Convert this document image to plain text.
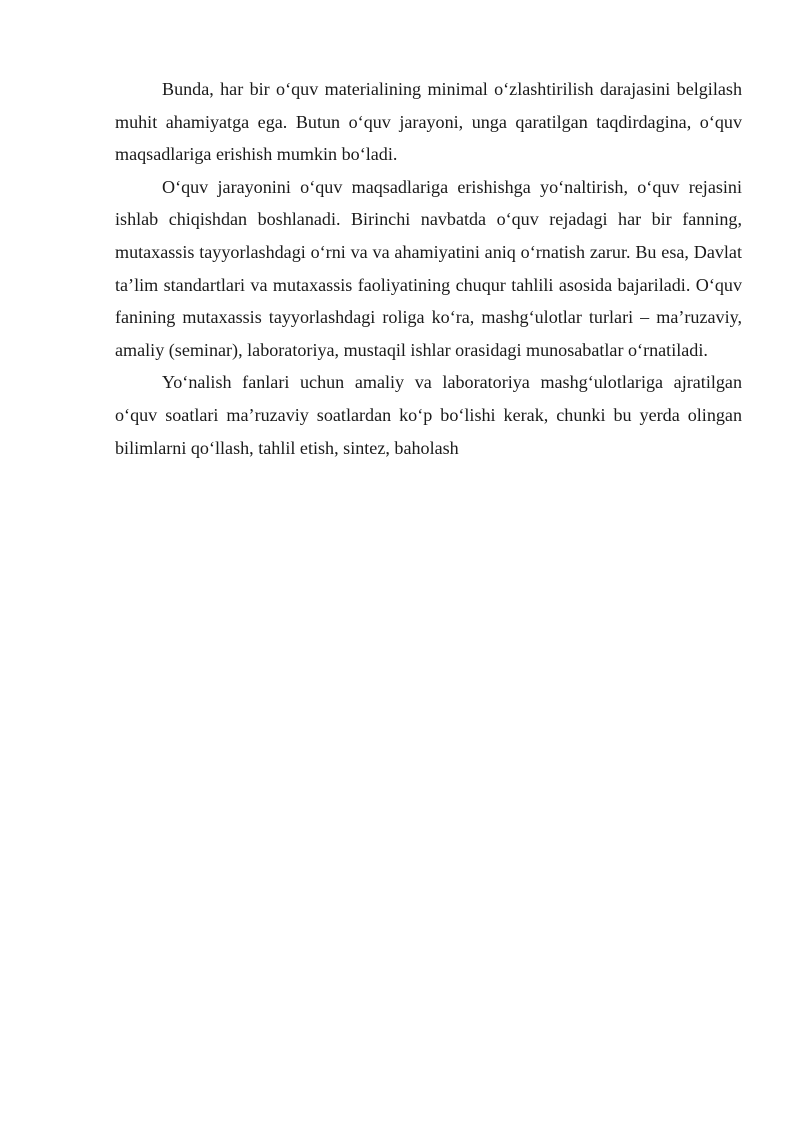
Bunda, har bir o‘quv materialining minimal o‘zlashtirilish darajasini belgilash muhit ahamiyatga ega. Butun o‘quv jarayoni, unga qaratilgan taqdirdagina, o‘quv maqsadlariga erishish mumkin bo‘ladi.

O‘quv jarayonini o‘quv maqsadlariga erishishga yo‘naltirish, o‘quv rejasini ishlab chiqishdan boshlanadi. Birinchi navbatda o‘quv rejadagi har bir fanning, mutaxassis tayyorlashdagi o‘rni va va ahamiyatini aniq o‘rnatish zarur. Bu esa, Davlat ta’lim standartlari va mutaxassis faoliyatining chuqur tahlili asosida bajariladi. O‘quv fanining mutaxassis tayyorlashdagi roliga ko‘ra, mashg‘ulotlar turlari – ma’ruzaviy, amaliy (seminar), laboratoriya, mustaqil ishlar orasidagi munosabatlar o‘rnatiladi.

Yo‘nalish fanlari uchun amaliy va laboratoriya mashg‘ulotlariga ajratilgan o‘quv soatlari ma’ruzaviy soatlardan ko‘p bo‘lishi kerak, chunki bu yerda olingan bilimlarni qo‘llash, tahlil etish, sintez, baholash
